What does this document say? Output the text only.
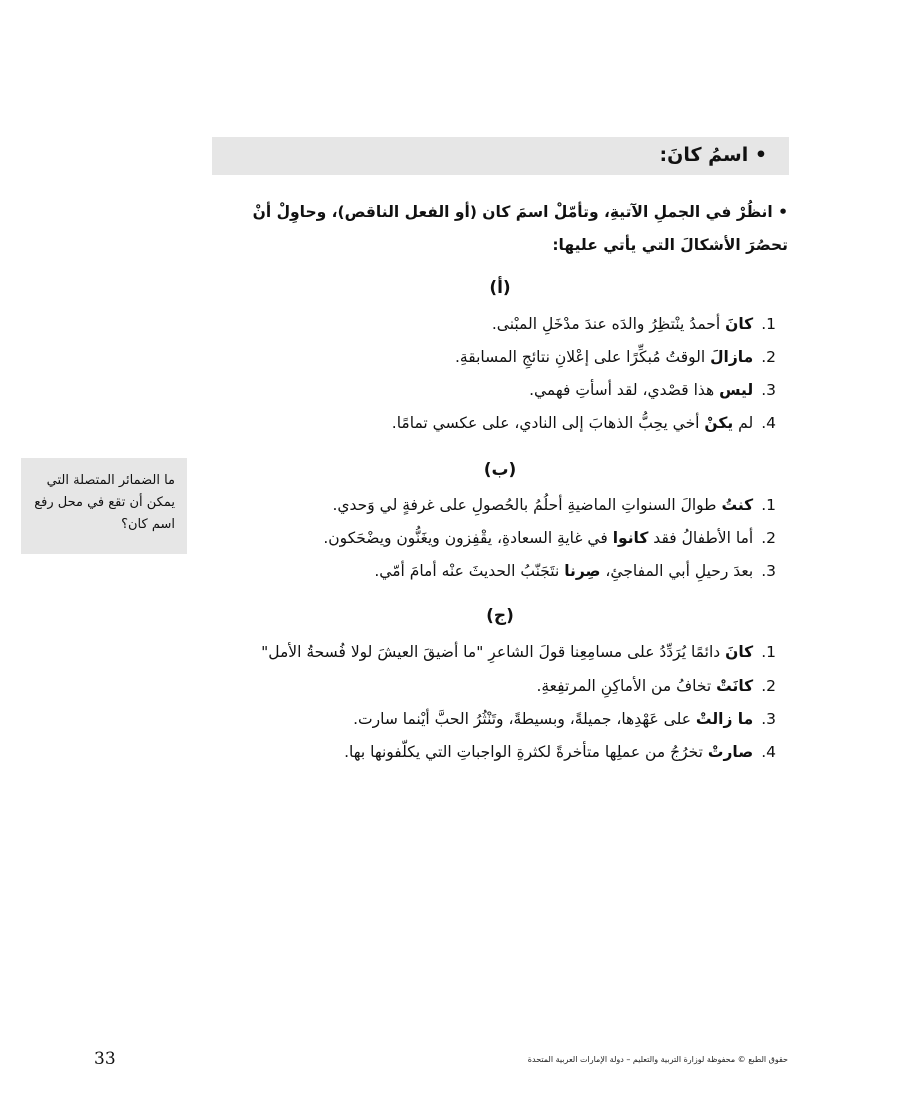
• اسمُ كانَ:
• انظُرْ في الجملِ الآتيةِ، وتأمّلْ اسمَ كان (أو الفعل الناقص)، وحاوِلْ أنْ تحصُرَ الأشكالَ التي يأتي عليها:
(أ)
1.كانَ أحمدُ ينْتظِرُ والدَه عندَ مدْخَلِ المبْنى.
2.مازالَ الوقتُ مُبكِّرًا على إعْلانِ نتائجِ المسابقةِ.
3.ليس هذا قصْدي، لقد أسأتِ فهمي.
4.لم يكنْ أخي يحِبُّ الذهابَ إلى النادي، على عكسي تمامًا.
(ب)
1.كنتُ طوالَ السنواتِ الماضيةِ أحلُمُ بالحُصولِ على غرفةٍ لي وَحدي.
2.أما الأطفالُ فقد كانوا في غايةِ السعادةِ، يقْفِزون ويغَنُّون ويضْحَكون.
3.بعدَ رحيلِ أبي المفاجئِ، صِرنا نتَجَنّبُ الحديثَ عنْه أمامَ أمّي.
(ج)
1.كانَ دائمًا يُرَدِّدُ على مسامِعِنا قولَ الشاعرِ "ما أضيقَ العيشَ لولا فُسحةُ الأمل"
2.كانَتْ تخافُ من الأماكِنِ المرتفِعةِ.
3.ما زالتْ على عَهْدِها، جميلةً، وبسيطةً، وتَنْثُرُ الحبَّ أيْنما سارت.
4.صارتْ تخرُجُ من عملِها متأخرةً لكثرةِ الواجباتِ التي يكلّفونها بها.
ما الضمائر المتصلة التي يمكن أن تقع في محل رفع اسم كان؟
33	حقوق الطبع © محفوظة لوزارة التربية والتعليم – دولة الإمارات العربية المتحدة
